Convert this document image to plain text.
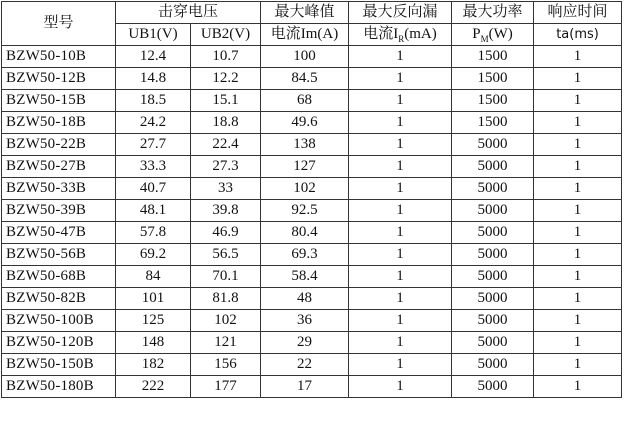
型号	击穿电压		最大峰值	最大反向漏	最大功率	响应时间
	UB1(V)	UB2(V)	电流Im(A)	电流$I_R(mA)$	$P_M(W)$	ta(ms)
BZW50-10B	12.4	10.7	100	1	1500	1
BZW50-12B	14.8	12.2	84.5	1	1500	1
BZW50-15B	18.5	15.1	68	1	1500	1
BZW50-18B	24.2	18.8	49.6	1	1500	1
BZW50-22B	27.7	22.4	138	1	5000	1
BZW50-27B	33.3	27.3	127	1	5000	1
BZW50-33B	40.7	33	102	1	5000	1
BZW50-39B	48.1	39.8	92.5	1	5000	1
BZW50-47B	57.8	46.9	80.4	1	5000	1
BZW50-56B	69.2	56.5	69.3	1	5000	1
BZW50-68B	84	70.1	58.4	1	5000	1
BZW50-82B	101	81.8	48	1	5000	1
BZW50-100B	125	102	36	1	5000	1
BZW50-120B	148	121	29	1	5000	1
BZW50-150B	182	156	22	1	5000	1
BZW50-180B	222	177	17	1	5000	1
